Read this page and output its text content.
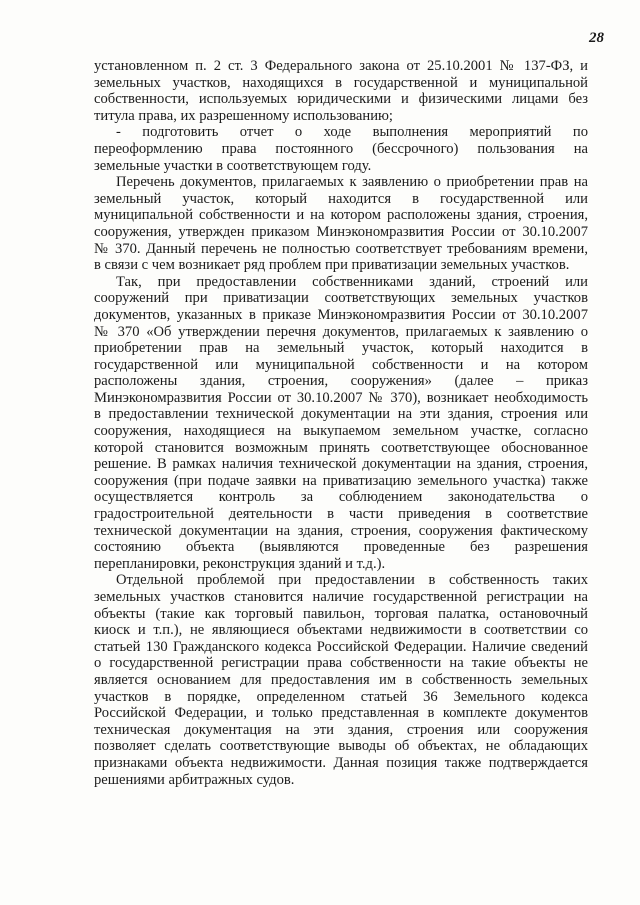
28
установленном п. 2 ст. 3 Федерального закона от 25.10.2001 № 137-ФЗ, и
земельных участков, находящихся в государственной и муниципальной
собственности, используемых юридическими и физическими лицами без
титула права, их разрешенному использованию;
- подготовить отчет о ходе выполнения мероприятий по
переоформлению права постоянного (бессрочного) пользования на
земельные участки в соответствующем году.
Перечень документов, прилагаемых к заявлению о приобретении прав на
земельный участок, который находится в государственной или
муниципальной собственности и на котором расположены здания, строения,
сооружения, утвержден приказом Минэкономразвития России от 30.10.2007
№ 370. Данный перечень не полностью соответствует требованиям времени,
в связи с чем возникает ряд проблем при приватизации земельных участков.
Так, при предоставлении собственниками зданий, строений или
сооружений при приватизации соответствующих земельных участков
документов, указанных в приказе Минэкономразвития России от 30.10.2007
№ 370 «Об утверждении перечня документов, прилагаемых к заявлению о
приобретении прав на земельный участок, который находится в
государственной или муниципальной собственности и на котором
расположены здания, строения, сооружения» (далее – приказ
Минэкономразвития России от 30.10.2007 № 370), возникает необходимость
в предоставлении технической документации на эти здания, строения или
сооружения, находящиеся на выкупаемом земельном участке, согласно
которой становится возможным принять соответствующее обоснованное
решение. В рамках наличия технической документации на здания, строения,
сооружения (при подаче заявки на приватизацию земельного участка) также
осуществляется контроль за соблюдением законодательства о
градостроительной деятельности в части приведения в соответствие
технической документации на здания, строения, сооружения фактическому
состоянию объекта (выявляются проведенные без разрешения
перепланировки, реконструкция зданий и т.д.).
Отдельной проблемой при предоставлении в собственность таких
земельных участков становится наличие государственной регистрации на
объекты (такие как торговый павильон, торговая палатка, остановочный
киоск и т.п.), не являющиеся объектами недвижимости в соответствии со
статьей 130 Гражданского кодекса Российской Федерации. Наличие сведений
о государственной регистрации права собственности на такие объекты не
является основанием для предоставления им в собственность земельных
участков в порядке, определенном статьей 36 Земельного кодекса
Российской Федерации, и только представленная в комплекте документов
техническая документация на эти здания, строения или сооружения
позволяет сделать соответствующие выводы об объектах, не обладающих
признаками объекта недвижимости. Данная позиция также подтверждается
решениями арбитражных судов.
